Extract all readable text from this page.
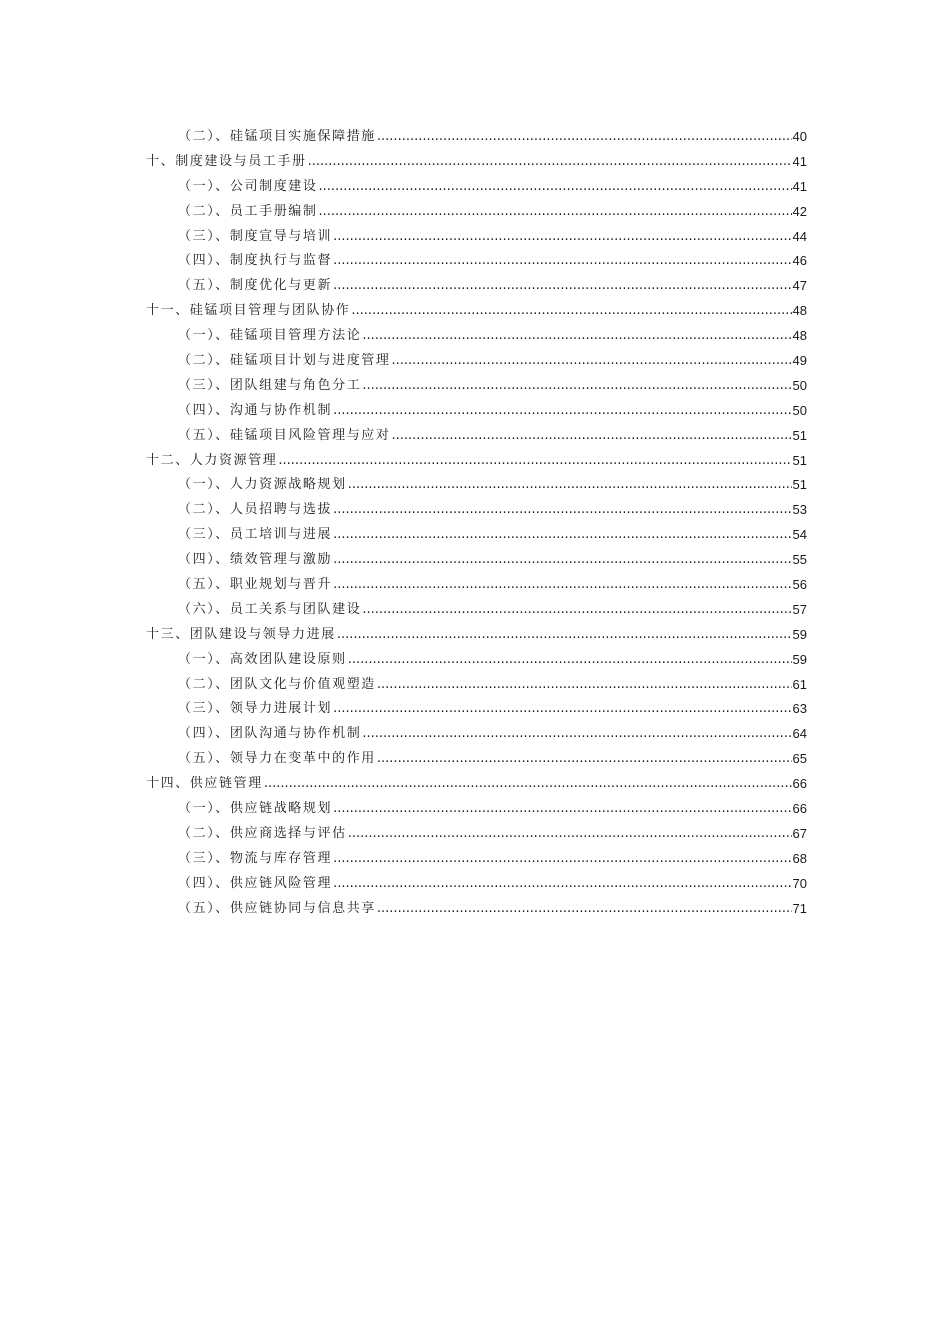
（二）、硅锰项目实施保障措施 .....	40
十、制度建设与员工手册 .....	41
（一）、公司制度建设 .....	41
（二）、员工手册编制 .....	42
（三）、制度宣导与培训 .....	44
（四）、制度执行与监督 .....	46
（五）、制度优化与更新 .....	47
十一、硅锰项目管理与团队协作 .....	48
（一）、硅锰项目管理方法论 .....	48
（二）、硅锰项目计划与进度管理 .....	49
（三）、团队组建与角色分工 .....	50
（四）、沟通与协作机制 .....	50
（五）、硅锰项目风险管理与应对 .....	51
十二、人力资源管理 .....	51
（一）、人力资源战略规划 .....	51
（二）、人员招聘与选拔 .....	53
（三）、员工培训与进展 .....	54
（四）、绩效管理与激励 .....	55
（五）、职业规划与晋升 .....	56
（六）、员工关系与团队建设 .....	57
十三、团队建设与领导力进展 .....	59
（一）、高效团队建设原则 .....	59
（二）、团队文化与价值观塑造 .....	61
（三）、领导力进展计划 .....	63
（四）、团队沟通与协作机制 .....	64
（五）、领导力在变革中的作用 .....	65
十四、供应链管理 .....	66
（一）、供应链战略规划 .....	66
（二）、供应商选择与评估 .....	67
（三）、物流与库存管理 .....	68
（四）、供应链风险管理 .....	70
（五）、供应链协同与信息共享 .....	71
